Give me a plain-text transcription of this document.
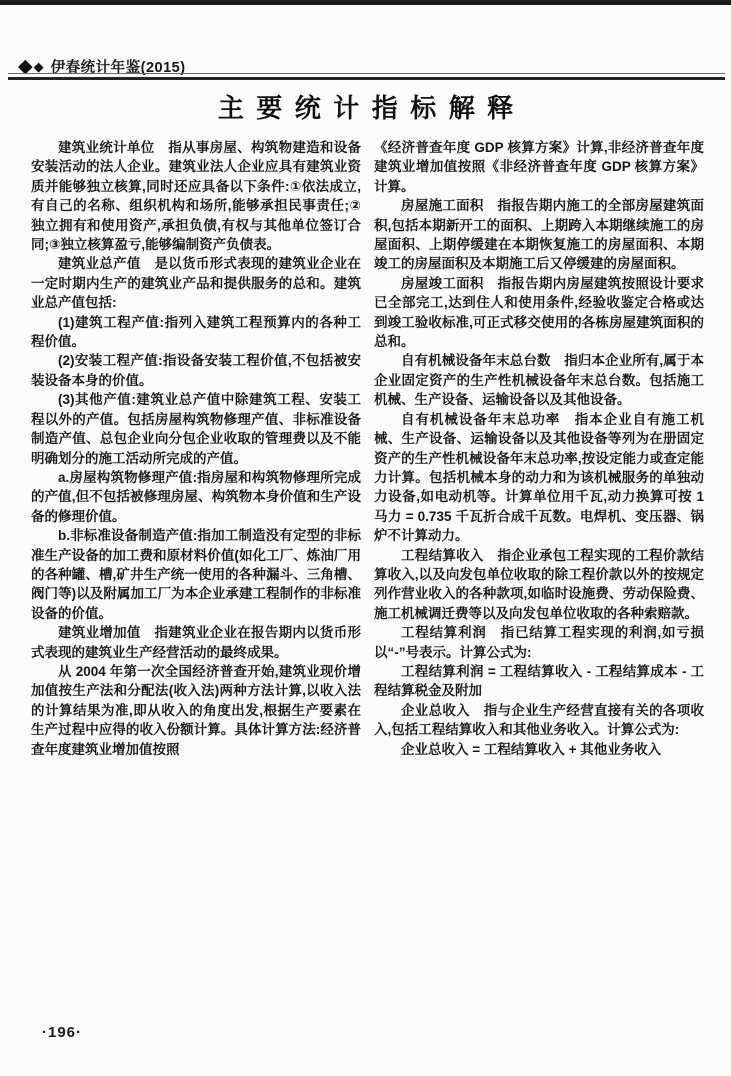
◆ ◆ 伊春统计年鉴(2015)
主要统计指标解释

建筑业统计单位　指从事房屋、构筑物建造和设备安装活动的法人企业。建筑业法人企业应具有建筑业资质并能够独立核算,同时还应具备以下条件:①依法成立,有自己的名称、组织机构和场所,能够承担民事责任;②独立拥有和使用资产,承担负债,有权与其他单位签订合同;③独立核算盈亏,能够编制资产负债表。

建筑业总产值　是以货币形式表现的建筑业企业在一定时期内生产的建筑业产品和提供服务的总和。建筑业总产值包括:

(1)建筑工程产值:指列入建筑工程预算内的各种工程价值。

(2)安装工程产值:指设备安装工程价值,不包括被安装设备本身的价值。

(3)其他产值:建筑业总产值中除建筑工程、安装工程以外的产值。包括房屋构筑物修理产值、非标准设备制造产值、总包企业向分包企业收取的管理费以及不能明确划分的施工活动所完成的产值。

a.房屋构筑物修理产值:指房屋和构筑物修理所完成的产值,但不包括被修理房屋、构筑物本身价值和生产设备的修理价值。

b.非标准设备制造产值:指加工制造没有定型的非标准生产设备的加工费和原材料价值(如化工厂、炼油厂用的各种罐、槽,矿井生产统一使用的各种漏斗、三角槽、阀门等)以及附属加工厂为本企业承建工程制作的非标准设备的价值。

建筑业增加值　指建筑业企业在报告期内以货币形式表现的建筑业生产经营活动的最终成果。

从 2004 年第一次全国经济普查开始,建筑业现价增加值按生产法和分配法(收入法)两种方法计算,以收入法的计算结果为准,即从收入的角度出发,根据生产要素在生产过程中应得的收入份额计算。具体计算方法:经济普查年度建筑业增加值按照

《经济普查年度 GDP 核算方案》计算,非经济普查年度建筑业增加值按照《非经济普查年度 GDP 核算方案》计算。

房屋施工面积　指报告期内施工的全部房屋建筑面积,包括本期新开工的面积、上期跨入本期继续施工的房屋面积、上期停缓建在本期恢复施工的房屋面积、本期竣工的房屋面积及本期施工后又停缓建的房屋面积。

房屋竣工面积　指报告期内房屋建筑按照设计要求已全部完工,达到住人和使用条件,经验收鉴定合格或达到竣工验收标准,可正式移交使用的各栋房屋建筑面积的总和。

自有机械设备年末总台数　指归本企业所有,属于本企业固定资产的生产性机械设备年末总台数。包括施工机械、生产设备、运输设备以及其他设备。

自有机械设备年末总功率　指本企业自有施工机械、生产设备、运输设备以及其他设备等列为在册固定资产的生产性机械设备年末总功率,按设定能力或查定能力计算。包括机械本身的动力和为该机械服务的单独动力设备,如电动机等。计算单位用千瓦,动力换算可按 1 马力 = 0.735 千瓦折合成千瓦数。电焊机、变压器、锅炉不计算动力。

工程结算收入　指企业承包工程实现的工程价款结算收入,以及向发包单位收取的除工程价款以外的按规定列作营业收入的各种款项,如临时设施费、劳动保险费、施工机械调迁费等以及向发包单位收取的各种索赔款。

工程结算利润　指已结算工程实现的利润,如亏损以“-”号表示。计算公式为:

工程结算利润 = 工程结算收入 - 工程结算成本 - 工程结算税金及附加

企业总收入　指与企业生产经营直接有关的各项收入,包括工程结算收入和其他业务收入。计算公式为:

企业总收入 = 工程结算收入 + 其他业务收入

·196·
